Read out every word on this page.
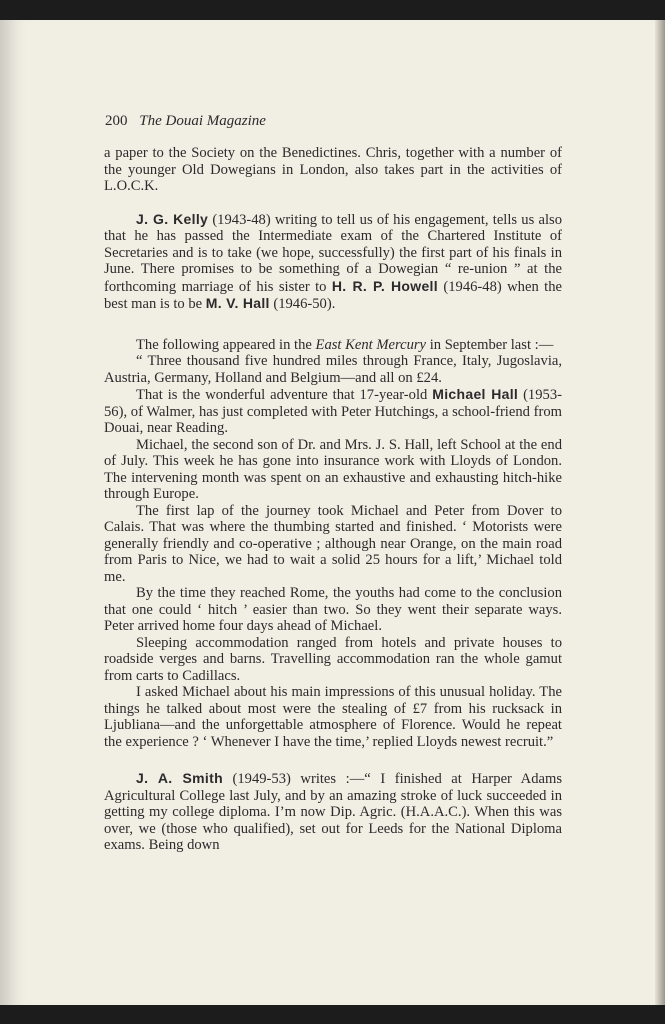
200 The Douai Magazine

a paper to the Society on the Benedictines. Chris, together with a number of the younger Old Dowegians in London, also takes part in the activities of L.O.C.K.

J. G. Kelly (1943-48) writing to tell us of his engagement, tells us also that he has passed the Intermediate exam of the Chartered Institute of Secretaries and is to take (we hope, successfully) the first part of his finals in June. There promises to be something of a Dowegian “ re-union ” at the forthcoming marriage of his sister to H. R. P. Howell (1946-48) when the best man is to be M. V. Hall (1946-50).

The following appeared in the East Kent Mercury in September last :—

“ Three thousand five hundred miles through France, Italy, Jugoslavia, Austria, Germany, Holland and Belgium—and all on £24.

That is the wonderful adventure that 17-year-old Michael Hall (1953-56), of Walmer, has just completed with Peter Hutchings, a school-friend from Douai, near Reading.

Michael, the second son of Dr. and Mrs. J. S. Hall, left School at the end of July. This week he has gone into insurance work with Lloyds of London. The intervening month was spent on an exhaustive and exhausting hitch-hike through Europe.

The first lap of the journey took Michael and Peter from Dover to Calais. That was where the thumbing started and finished. ‘ Motorists were generally friendly and co-operative ; although near Orange, on the main road from Paris to Nice, we had to wait a solid 25 hours for a lift,’ Michael told me.

By the time they reached Rome, the youths had come to the conclusion that one could ‘ hitch ’ easier than two. So they went their separate ways. Peter arrived home four days ahead of Michael.

Sleeping accommodation ranged from hotels and private houses to roadside verges and barns. Travelling accommodation ran the whole gamut from carts to Cadillacs.

I asked Michael about his main impressions of this unusual holiday. The things he talked about most were the stealing of £7 from his rucksack in Ljubliana—and the unforgettable atmosphere of Florence. Would he repeat the experience ? ‘ Whenever I have the time,’ replied Lloyds newest recruit.”

J. A. Smith (1949-53) writes :—“ I finished at Harper Adams Agricultural College last July, and by an amazing stroke of luck succeeded in getting my college diploma. I’m now Dip. Agric. (H.A.A.C.). When this was over, we (those who qualified), set out for Leeds for the National Diploma exams. Being down
